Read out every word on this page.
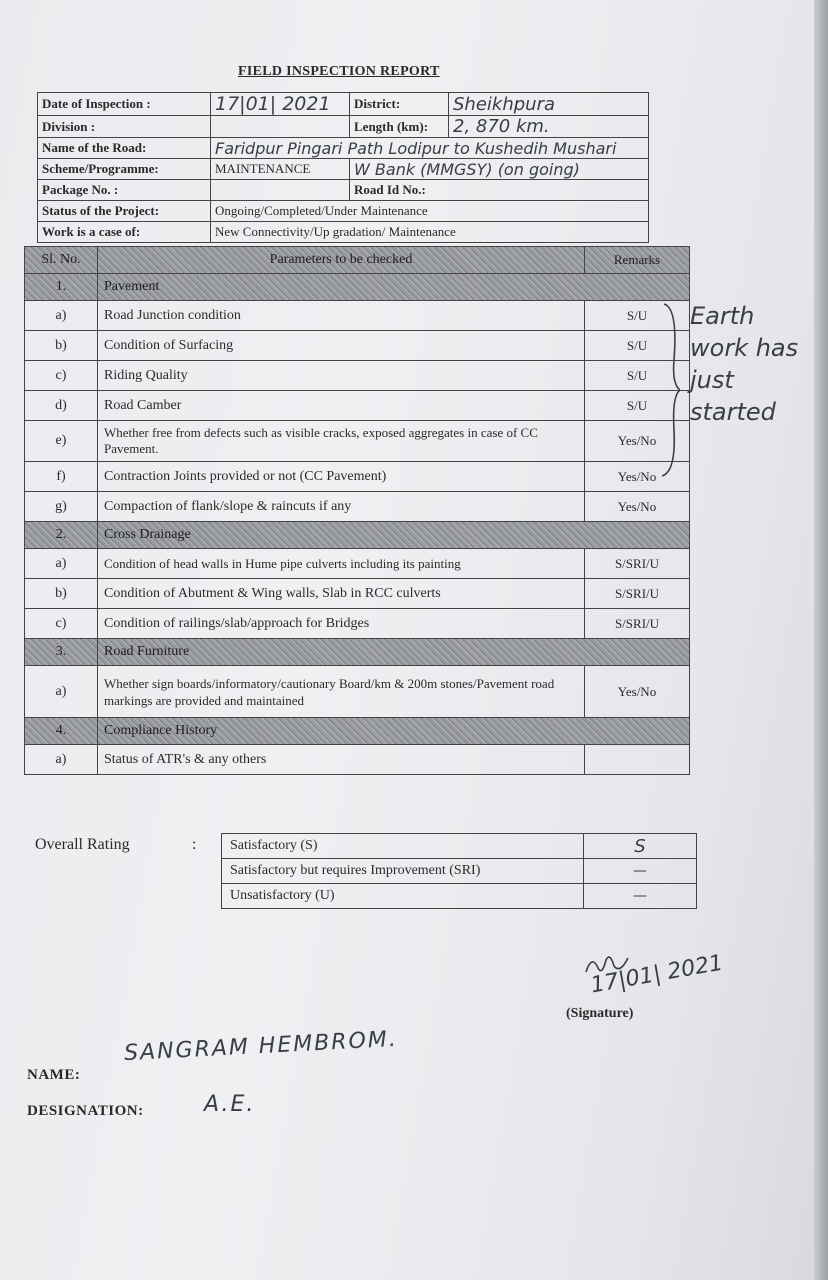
FIELD INSPECTION REPORT
Date of Inspection :	17|01| 2021	District:	Sheikhpura
Division :		Length (km):	2, 870 km.
Name of the Road:	Faridpur Pingari Path Lodipur to Kushedih Mushari		
Scheme/Programme:	MAINTENANCE	W Bank (MMGSY) (on going)	
Package No. :		Road Id No.:	
Status of the Project:	Ongoing/Completed/Under Maintenance		
Work is a case of:	New Connectivity/Up gradation/ Maintenance		
Sl. No.	Parameters to be checked	Remarks
1.	Pavement	
a)	Road Junction condition	S/U
b)	Condition of Surfacing	S/U
c)	Riding Quality	S/U
d)	Road Camber	S/U
e)	Whether free from defects such as visible cracks, exposed aggregates in case of CC Pavement.	Yes/No
f)	Contraction Joints provided or not (CC Pavement)	Yes/No
g)	Compaction of flank/slope & raincuts if any	Yes/No
2.	Cross Drainage	
a)	Condition of head walls in Hume pipe culverts including its painting	S/SRI/U
b)	Condition of Abutment & Wing walls, Slab in RCC culverts	S/SRI/U
c)	Condition of railings/slab/approach for Bridges	S/SRI/U
3.	Road Furniture	
a)	Whether sign boards/informatory/cautionary Board/km & 200m stones/Pavement road markings are provided and maintained	Yes/No
4.	Compliance History	
a)	Status of ATR's & any others	
Earth work has just started
Overall Rating	: Satisfactory (S)	S
Satisfactory but requires Improvement (SRI)	—
Unsatisfactory (U)	—
17|01| 2021
(Signature)
NAME:
SANGRAM HEMBROM.
DESIGNATION:	A.E.
